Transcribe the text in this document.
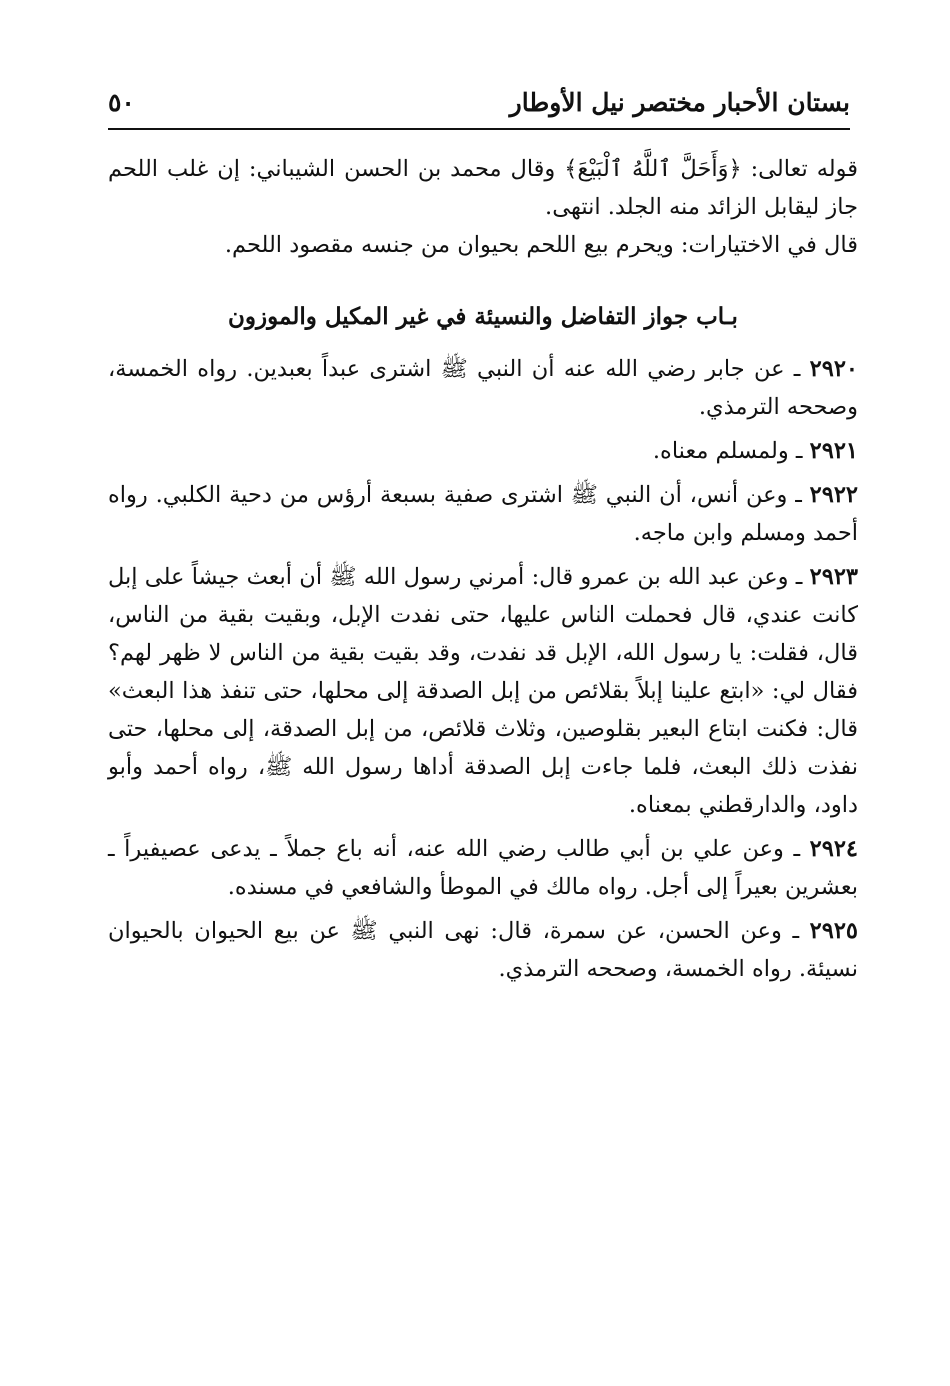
بستان الأحبار مختصر نيل الأوطار
٥٠

قوله تعالى: ﴿وَأَحَلَّ ٱللَّهُ ٱلْبَيْعَ﴾ وقال محمد بن الحسن الشيباني: إن غلب اللحم جاز ليقابل الزائد منه الجلد. انتهى.

قال في الاختيارات: ويحرم بيع اللحم بحيوان من جنسه مقصود اللحم.

بـاب جواز التفاضل والنسيئة في غير المكيل والموزون

٢٩٢٠ ـ عن جابر رضي الله عنه أن النبي ﷺ اشترى عبداً بعبدين. رواه الخمسة، وصححه الترمذي.

٢٩٢١ ـ ولمسلم معناه.

٢٩٢٢ ـ وعن أنس، أن النبي ﷺ اشترى صفية بسبعة أرؤس من دحية الكلبي. رواه أحمد ومسلم وابن ماجه.

٢٩٢٣ ـ وعن عبد الله بن عمرو قال: أمرني رسول الله ﷺ أن أبعث جيشاً على إبل كانت عندي، قال فحملت الناس عليها، حتى نفدت الإبل، وبقيت بقية من الناس، قال، فقلت: يا رسول الله، الإبل قد نفدت، وقد بقيت بقية من الناس لا ظهر لهم؟ فقال لي: «ابتع علينا إبلاً بقلائص من إبل الصدقة إلى محلها، حتى تنفذ هذا البعث» قال: فكنت ابتاع البعير بقلوصين، وثلاث قلائص، من إبل الصدقة، إلى محلها، حتى نفذت ذلك البعث، فلما جاءت إبل الصدقة أداها رسول الله ﷺ، رواه أحمد وأبو داود، والدارقطني بمعناه.

٢٩٢٤ ـ وعن علي بن أبي طالب رضي الله عنه، أنه باع جملاً ـ يدعى عصيفيراً ـ بعشرين بعيراً إلى أجل. رواه مالك في الموطأ والشافعي في مسنده.

٢٩٢٥ ـ وعن الحسن، عن سمرة، قال: نهى النبي ﷺ عن بيع الحيوان بالحيوان نسيئة. رواه الخمسة، وصححه الترمذي.
